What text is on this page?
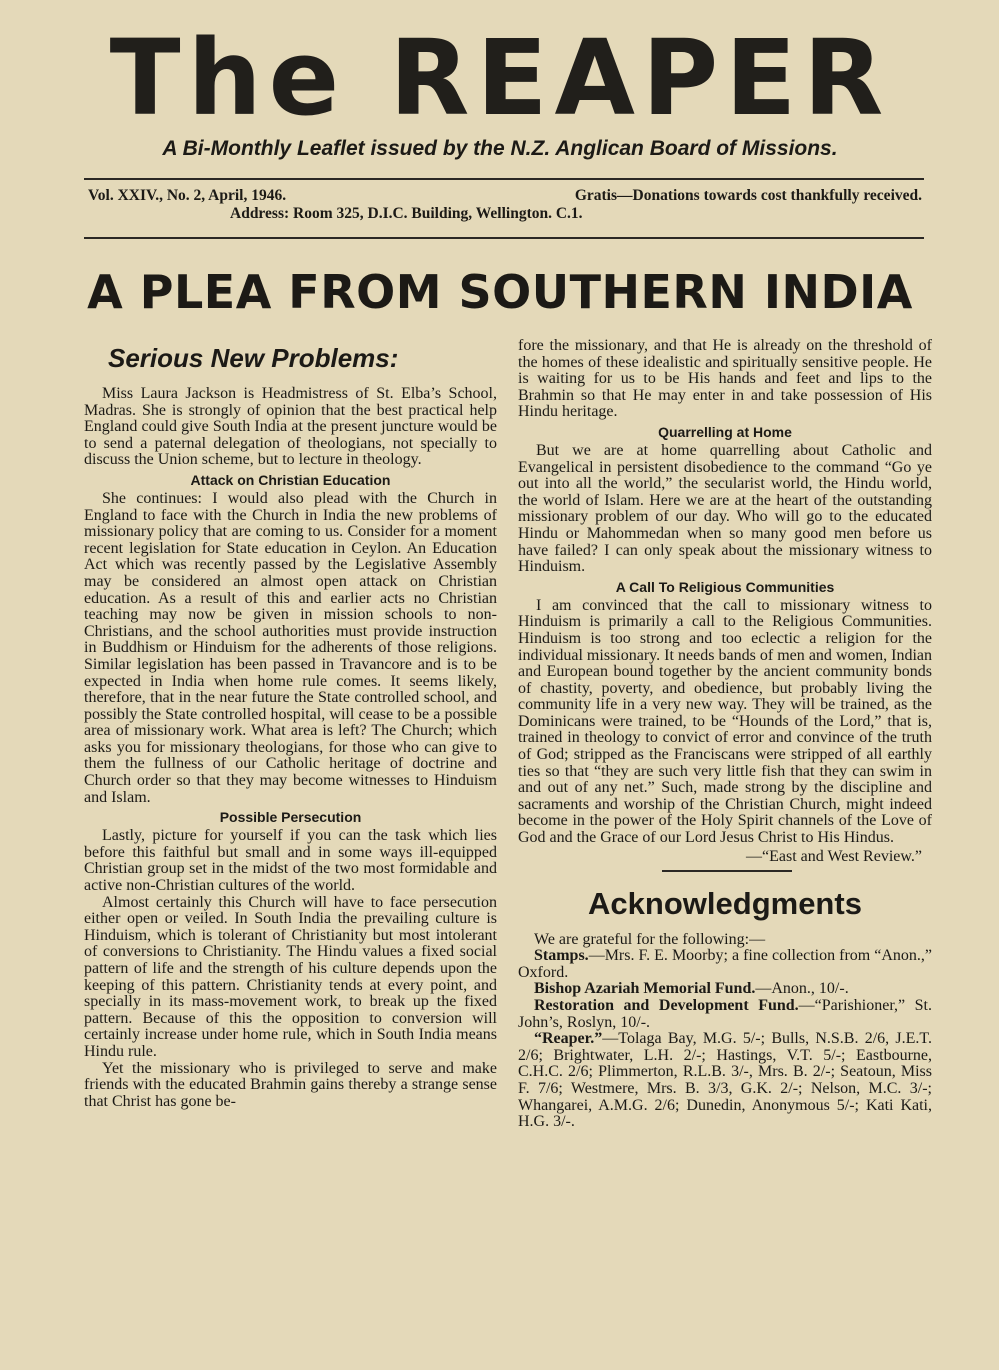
The REAPER
A Bi-Monthly Leaflet issued by the N.Z. Anglican Board of Missions.
Vol. XXIV., No. 2, April, 1946.	Gratis—Donations towards cost thankfully received.
Address: Room 325, D.I.C. Building, Wellington. C.1.
A PLEA FROM SOUTHERN INDIA
Serious New Problems:

Miss Laura Jackson is Headmistress of St. Elba’s School, Madras. She is strongly of opinion that the best practical help England could give South India at the present juncture would be to send a paternal delegation of theologians, not specially to discuss the Union scheme, but to lecture in theology.

Attack on Christian Education

She continues: I would also plead with the Church in England to face with the Church in India the new problems of missionary policy that are coming to us. Consider for a moment recent legislation for State education in Ceylon. An Education Act which was recently passed by the Legislative Assembly may be considered an almost open attack on Christian education. As a result of this and earlier acts no Christian teaching may now be given in mission schools to non-Christians, and the school authorities must provide instruction in Buddhism or Hinduism for the adherents of those religions. Similar legislation has been passed in Travancore and is to be expected in India when home rule comes. It seems likely, therefore, that in the near future the State controlled school, and possibly the State controlled hospital, will cease to be a possible area of missionary work. What area is left? The Church; which asks you for missionary theologians, for those who can give to them the fullness of our Catholic heritage of doctrine and Church order so that they may become witnesses to Hinduism and Islam.

Possible Persecution

Lastly, picture for yourself if you can the task which lies before this faithful but small and in some ways ill-equipped Christian group set in the midst of the two most formidable and active non-Christian cultures of the world.

Almost certainly this Church will have to face persecution either open or veiled. In South India the prevailing culture is Hinduism, which is tolerant of Christianity but most intolerant of conversions to Christianity. The Hindu values a fixed social pattern of life and the strength of his culture depends upon the keeping of this pattern. Christianity tends at every point, and specially in its mass-movement work, to break up the fixed pattern. Because of this the opposition to conversion will certainly increase under home rule, which in South India means Hindu rule.

Yet the missionary who is privileged to serve and make friends with the educated Brahmin gains thereby a strange sense that Christ has gone be-

fore the missionary, and that He is already on the threshold of the homes of these idealistic and spiritually sensitive people. He is waiting for us to be His hands and feet and lips to the Brahmin so that He may enter in and take possession of His Hindu heritage.

Quarrelling at Home

But we are at home quarrelling about Catholic and Evangelical in persistent disobedience to the command “Go ye out into all the world,” the secularist world, the Hindu world, the world of Islam. Here we are at the heart of the outstanding missionary problem of our day. Who will go to the educated Hindu or Mahommedan when so many good men before us have failed? I can only speak about the missionary witness to Hinduism.

A Call To Religious Communities

I am convinced that the call to missionary witness to Hinduism is primarily a call to the Religious Communities. Hinduism is too strong and too eclectic a religion for the individual missionary. It needs bands of men and women, Indian and European bound together by the ancient community bonds of chastity, poverty, and obedience, but probably living the community life in a very new way. They will be trained, as the Dominicans were trained, to be “Hounds of the Lord,” that is, trained in theology to convict of error and convince of the truth of God; stripped as the Franciscans were stripped of all earthly ties so that “they are such very little fish that they can swim in and out of any net.” Such, made strong by the discipline and sacraments and worship of the Christian Church, might indeed become in the power of the Holy Spirit channels of the Love of God and the Grace of our Lord Jesus Christ to His Hindus.

—“East and West Review.”
Acknowledgments

We are grateful for the following:—

Stamps.—Mrs. F. E. Moorby; a fine collection from “Anon.,” Oxford.

Bishop Azariah Memorial Fund.—Anon., 10/-.

Restoration and Development Fund.—“Parishioner,” St. John’s, Roslyn, 10/-.

“Reaper.”—Tolaga Bay, M.G. 5/-; Bulls, N.S.B. 2/6, J.E.T. 2/6; Brightwater, L.H. 2/-; Hastings, V.T. 5/-; Eastbourne, C.H.C. 2/6; Plimmerton, R.L.B. 3/-, Mrs. B. 2/-; Seatoun, Miss F. 7/6; Westmere, Mrs. B. 3/3, G.K. 2/-; Nelson, M.C. 3/-; Whangarei, A.M.G. 2/6; Dunedin, Anonymous 5/-; Kati Kati, H.G. 3/-.
